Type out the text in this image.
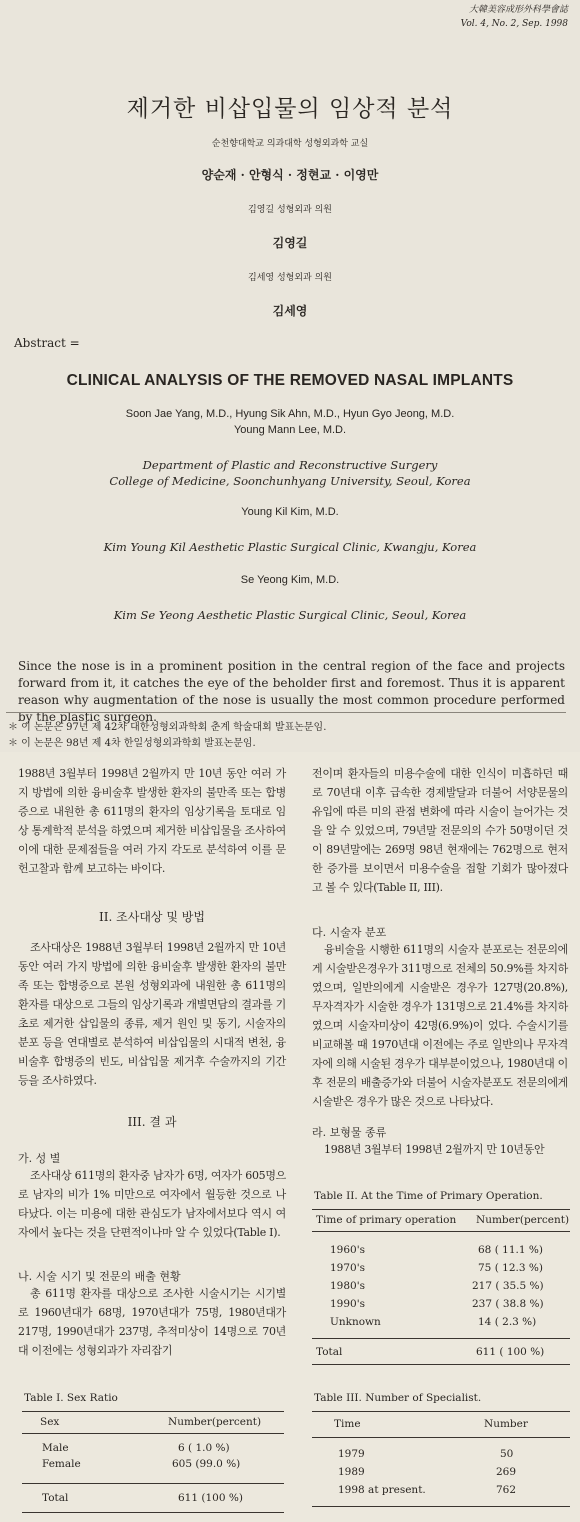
大韓美容成形外科學會誌
Vol. 4, No. 2, Sep. 1998
제거한 비삽입물의 임상적 분석
순천향대학교 의과대학 성형외과학 교실
양순재 · 안형식 · 정현교 · 이영만
김영길 성형외과 의원
김영길
김세영 성형외과 의원
김세영
Abstract =
CLINICAL ANALYSIS OF THE REMOVED NASAL IMPLANTS
Soon Jae Yang, M.D., Hyung Sik Ahn, M.D., Hyun Gyo Jeong, M.D.
Young Mann Lee, M.D.
Department of Plastic and Reconstructive Surgery
College of Medicine, Soonchunhyang University, Seoul, Korea
Young Kil Kim, M.D.
Kim Young Kil Aesthetic Plastic Surgical Clinic, Kwangju, Korea
Se Yeong Kim, M.D.
Kim Se Yeong Aesthetic Plastic Surgical Clinic, Seoul, Korea
Since the nose is in a prominent position in the central region of the face and projects forward from it, it catches the eye of the beholder first and foremost. Thus it is apparent reason why augmentation of the nose is usually the most common procedure performed by the plastic surgeon.
＊ 이 논문은 97년 제 42차 대한성형외과학회 춘계 학술대회 발표논문임.
＊ 이 논문은 98년 제 4차 한일성형외과학회 발표논문임.
1988년 3월부터 1998년 2월까지 만 10년 동안 여러 가지 방법에 의한 융비술후 발생한 환자의 불만족 또는 합병증으로 내원한 총 611명의 환자의 임상기록을 토대로 임상 통계학적 분석을 하였으며 제거한 비삽입물을 조사하여 이에 대한 문제점들을 여러 가지 각도로 분석하여 이를 문헌고찰과 함께 보고하는 바이다.
II. 조사대상 및 방법
조사대상은 1988년 3월부터 1998년 2월까지 만 10년동안 여러 가지 방법에 의한 융비술후 발생한 환자의 불만족 또는 합병증으로 본원 성형외과에 내원한 총 611명의 환자를 대상으로 그들의 임상기록과 개별면담의 결과를 기초로 제거한 삽입물의 종류, 제거 원인 및 동기, 시술자의 분포 등을 연대별로 분석하여 비삽입물의 시대적 변천, 융비술후 합병증의 빈도, 비삽입물 제거후 수술까지의 기간 등을 조사하였다.
III. 결 과
가. 성 별
조사대상 611명의 환자중 남자가 6명, 여자가 605명으로 남자의 비가 1% 미만으로 여자에서 월등한 것으로 나타났다. 이는 미용에 대한 관심도가 남자에서보다 역시 여자에서 높다는 것을 단편적이나마 알 수 있었다(Table I).
나. 시술 시기 및 전문의 배출 현황
총 611명 환자를 대상으로 조사한 시술시기는 시기별로 1960년대가 68명, 1970년대가 75명, 1980년대가 217명, 1990년대가 237명, 추적미상이 14명으로 70년대 이전에는 성형외과가 자리잡기
Table I. Sex Ratio
Sex	Number(percent)
Male	6 ( 1.0 %)
Female	605 (99.0 %)
Total	611 (100 %)
전이며 환자들의 미용수술에 대한 인식이 미흡하던 때로 70년대 이후 급속한 경제발달과 더불어 서양문물의 유입에 따른 미의 관점 변화에 따라 시술이 늘어가는 것을 알 수 있었으며, 79년말 전문의의 수가 50명이던 것이 89년말에는 269명 98년 현재에는 762명으로 현저한 증가를 보이면서 미용수술을 접할 기회가 많아졌다고 볼 수 있다(Table II, III).
다. 시술자 분포
융비술을 시행한 611명의 시술자 분포로는 전문의에게 시술받은경우가 311명으로 전체의 50.9%를 차지하였으며, 일반의에게 시술받은 경우가 127명(20.8%), 무자격자가 시술한 경우가 131명으로 21.4%를 차지하였으며 시술자미상이 42명(6.9%)이 었다. 수술시기를 비교해볼 때 1970년대 이전에는 주로 일반의나 무자격자에 의해 시술된 경우가 대부분이었으나, 1980년대 이후 전문의 배출증가와 더불어 시술자분포도 전문의에게 시술받은 경우가 많은 것으로 나타났다.
라. 보형물 종류
1988년 3월부터 1998년 2월까지 만 10년동안
Table II. At the Time of Primary Operation.
Time of primary operation Number(percent)
1960's	68 ( 11.1 %)
1970's	75 ( 12.3 %)
1980's	217 ( 35.5 %)
1990's	237 ( 38.8 %)
Unknown	14 ( 2.3 %)
Total	611 ( 100 %)
Table III. Number of Specialist.
Time	Number
1979	50
1989	269
1998 at present.	762
